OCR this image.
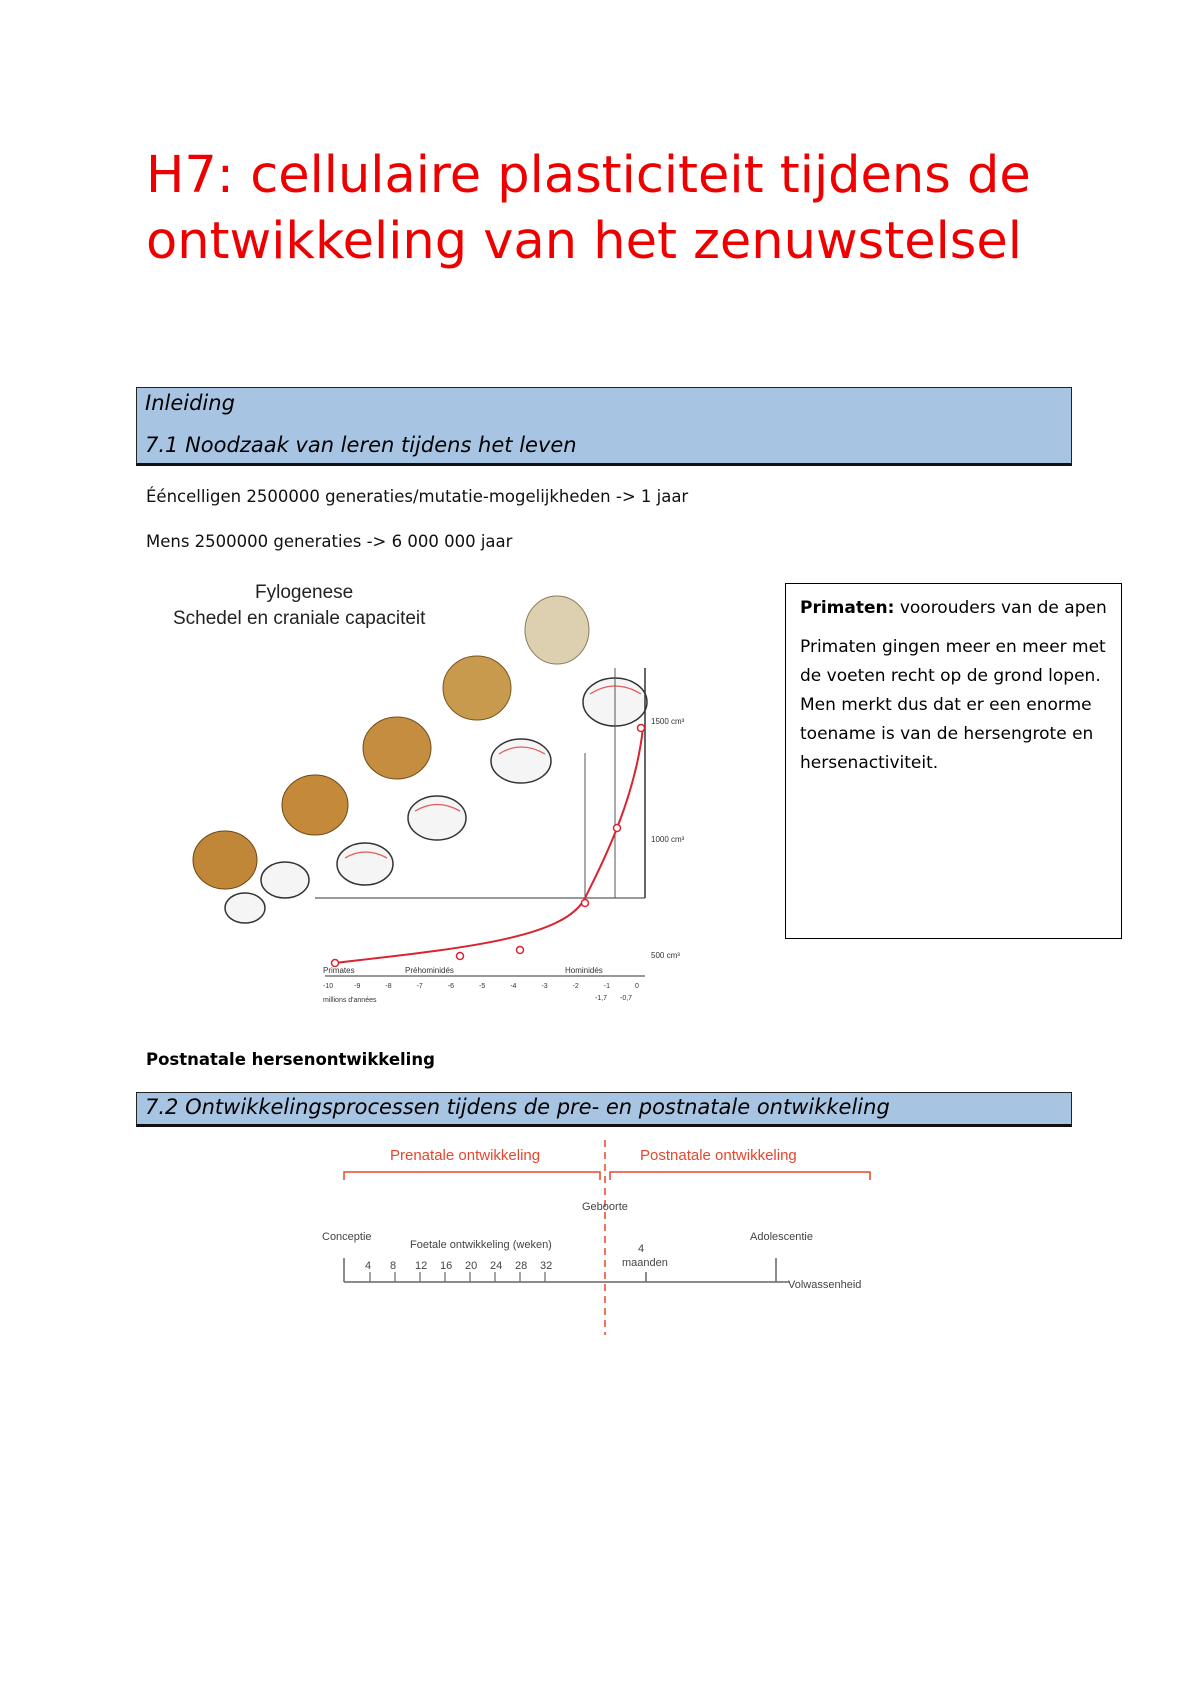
H7: cellulaire plasticiteit tijdens de ontwikkeling van het zenuwstelsel
Inleiding
7.1 Noodzaak van leren tijdens het leven

Ééncelligen 2500000 generaties/mutatie-mogelijkheden -> 1 jaar

Mens 2500000 generaties -> 6 000 000 jaar

Fylogenese
Schedel en craniale capaciteit
1500 cm³
1000 cm³
500 cm³
Primates	Préhominidés	Hominidés
-10	-9	-8	-7	-6	-5	-4	-3	-2	-1	0
-1,7 -0,7
millions d'années

Primaten: voorouders van de apen

Primaten gingen meer en meer met de voeten recht op de grond lopen. Men merkt dus dat er een enorme toename is van de hersengrote en hersenactiviteit.

Postnatale hersenontwikkeling
7.2 Ontwikkelingsprocessen tijdens de pre- en postnatale ontwikkeling
Prenatale ontwikkeling	Postnatale ontwikkeling
Geboorte
Conceptie
Foetale ontwikkeling (weken)
Adolescentie
Volwassenheid
4
maanden
4 8 12 16 20 24 28 32
